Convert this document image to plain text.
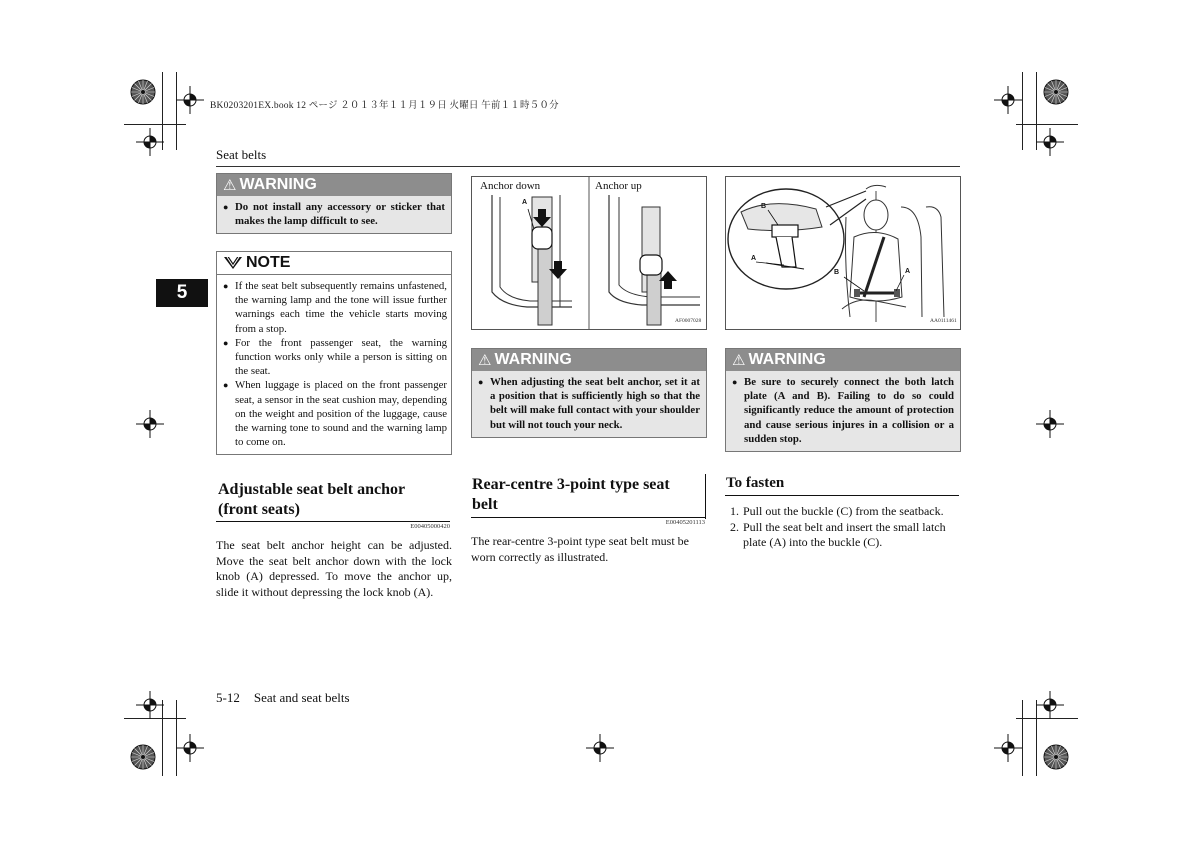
BK0203201EX.book 12 ページ ２０１３年１１月１９日 火曜日 午前１１時５０分
Seat belts
5
⚠ WARNING
● Do not install any accessory or sticker that makes the lamp difficult to see.
NOTE
● If the seat belt subsequently remains unfastened, the warning lamp and the tone will issue further warnings each time the vehicle starts moving from a stop.
● For the front passenger seat, the warning function works only while a person is sitting on the seat.
● When luggage is placed on the front passenger seat, a sensor in the seat cushion may, depending on the weight and position of the luggage, cause the warning tone to sound and the warning lamp to come on.
Adjustable seat belt anchor
(front seats)
E00405000420
The seat belt anchor height can be adjusted. Move the seat belt anchor down with the lock knob (A) depressed. To move the anchor up, slide it without depressing the lock knob (A).
Anchor down	Anchor up
A
AF0007028
⚠ WARNING
● When adjusting the seat belt anchor, set it at a position that is sufficiently high so that the belt will make full contact with your shoulder but will not touch your neck.
Rear-centre 3-point type seat
belt
E00405201113
The rear-centre 3-point type seat belt must be worn correctly as illustrated.
B
A
B	A
AA0111461
⚠ WARNING
● Be sure to securely connect the both latch plate (A and B). Failing to do so could significantly reduce the amount of protection and cause serious injures in a collision or a sudden stop.
To fasten
1. Pull out the buckle (C) from the seatback.
2. Pull the seat belt and insert the small latch plate (A) into the buckle (C).
5-12 Seat and seat belts
